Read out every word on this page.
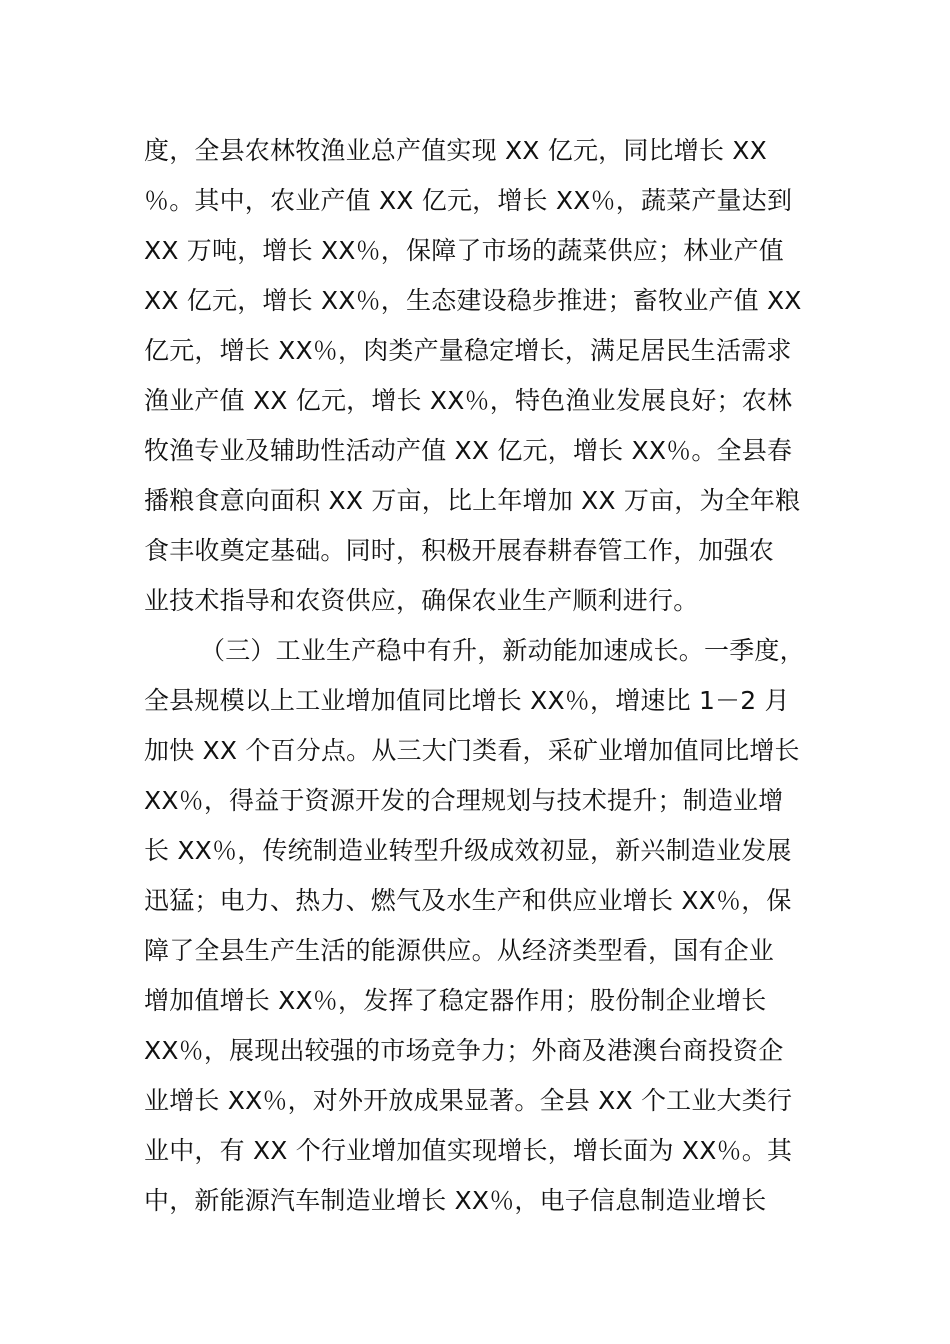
度，全县农林牧渔业总产值实现 XX 亿元，同比增长 XX
％。其中，农业产值 XX 亿元，增长 XX％，蔬菜产量达到
XX 万吨，增长 XX％，保障了市场的蔬菜供应；林业产值
XX 亿元，增长 XX％，生态建设稳步推进；畜牧业产值 XX
亿元，增长 XX％，肉类产量稳定增长，满足居民生活需求
渔业产值 XX 亿元，增长 XX％，特色渔业发展良好；农林
牧渔专业及辅助性活动产值 XX 亿元，增长 XX％。全县春
播粮食意向面积 XX 万亩，比上年增加 XX 万亩，为全年粮
食丰收奠定基础。同时，积极开展春耕春管工作，加强农
业技术指导和农资供应，确保农业生产顺利进行。
（三）工业生产稳中有升，新动能加速成长。一季度，
全县规模以上工业增加值同比增长 XX％，增速比 1－2 月
加快 XX 个百分点。从三大门类看，采矿业增加值同比增长
XX％，得益于资源开发的合理规划与技术提升；制造业增
长 XX％，传统制造业转型升级成效初显，新兴制造业发展
迅猛；电力、热力、燃气及水生产和供应业增长 XX％，保
障了全县生产生活的能源供应。从经济类型看，国有企业
增加值增长 XX％，发挥了稳定器作用；股份制企业增长
XX％，展现出较强的市场竞争力；外商及港澳台商投资企
业增长 XX％，对外开放成果显著。全县 XX 个工业大类行
业中，有 XX 个行业增加值实现增长，增长面为 XX％。其
中，新能源汽车制造业增长 XX％，电子信息制造业增长
